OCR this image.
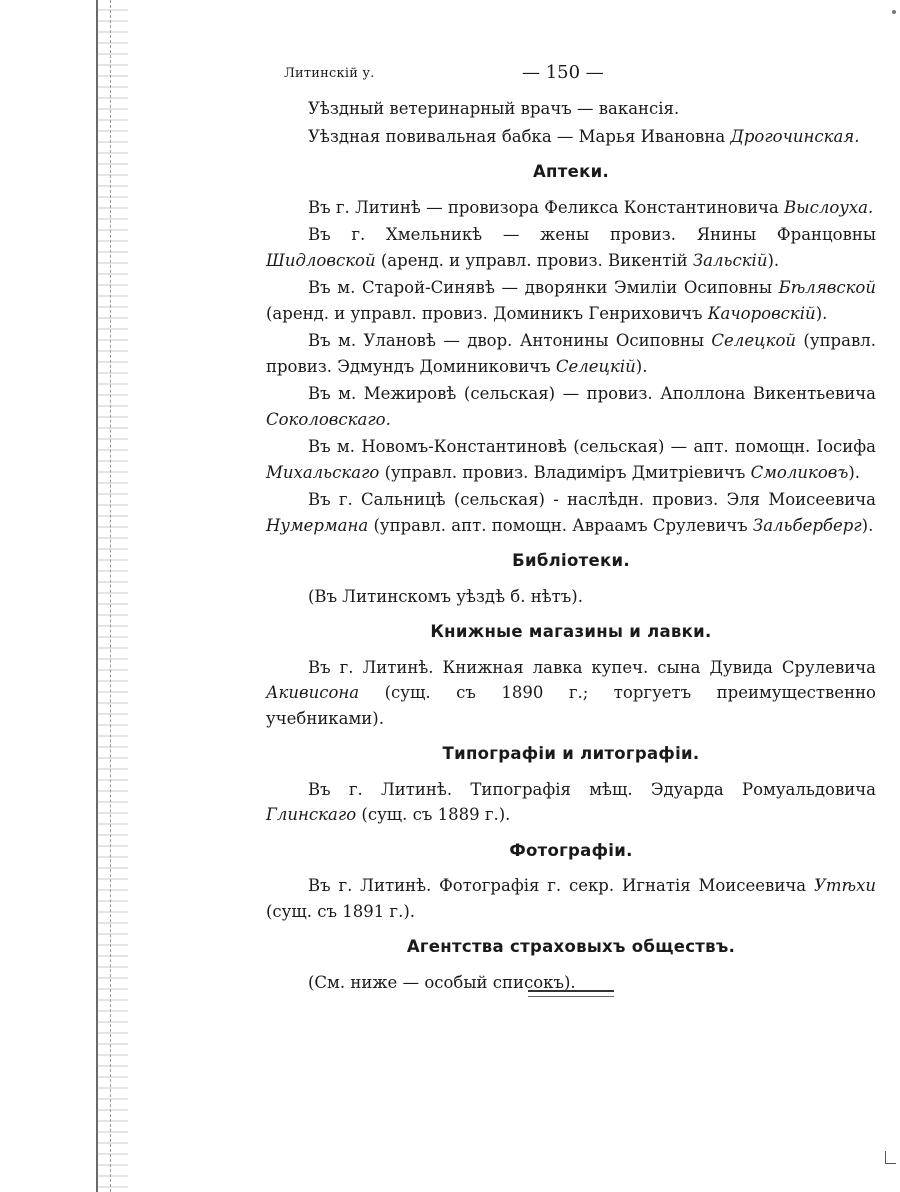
Литинскій у.	— 150 —

Уѣздный ветеринарный врачъ — вакансія.

Уѣздная повивальная бабка — Марья Ивановна Дрогочинская.

Аптеки.

Въ г. Литинѣ — провизора Феликса Константиновича Выслоуха.

Въ г. Хмельникѣ — жены провиз. Янины Францовны Шидловской (аренд. и управл. провиз. Викентій Зальскій).

Въ м. Старой-Синявѣ — дворянки Эмиліи Осиповны Бѣлявской (аренд. и управл. провиз. Доминикъ Генриховичъ Качоровскій).

Въ м. Улановѣ — двор. Антонины Осиповны Селецкой (управл. провиз. Эдмундъ Доминиковичъ Селецкій).

Въ м. Межировѣ (сельская) — провиз. Аполлона Викентьевича Соколовскаго.

Въ м. Новомъ-Константиновѣ (сельская) — апт. помощн. Іосифа Михальскаго (управл. провиз. Владиміръ Дмитріевичъ Смоликовъ).

Въ г. Сальницѣ (сельская) - наслѣдн. провиз. Эля Моисеевича Нумермана (управл. апт. помощн. Авраамъ Срулевичъ Зальберберг).

Библіотеки.

(Въ Литинскомъ уѣздѣ б. нѣтъ).

Книжные магазины и лавки.

Въ г. Литинѣ. Книжная лавка купеч. сына Дувида Срулевича Акивисона (сущ. съ 1890 г.; торгуетъ преимущественно учебниками).

Типографіи и литографіи.

Въ г. Литинѣ. Типографія мѣщ. Эдуарда Ромуальдовича Глинскаго (сущ. съ 1889 г.).

Фотографіи.

Въ г. Литинѣ. Фотографія г. секр. Игнатія Моисеевича Утѣхи (сущ. съ 1891 г.).

Агентства страховыхъ обществъ.

(См. ниже — особый списокъ).
